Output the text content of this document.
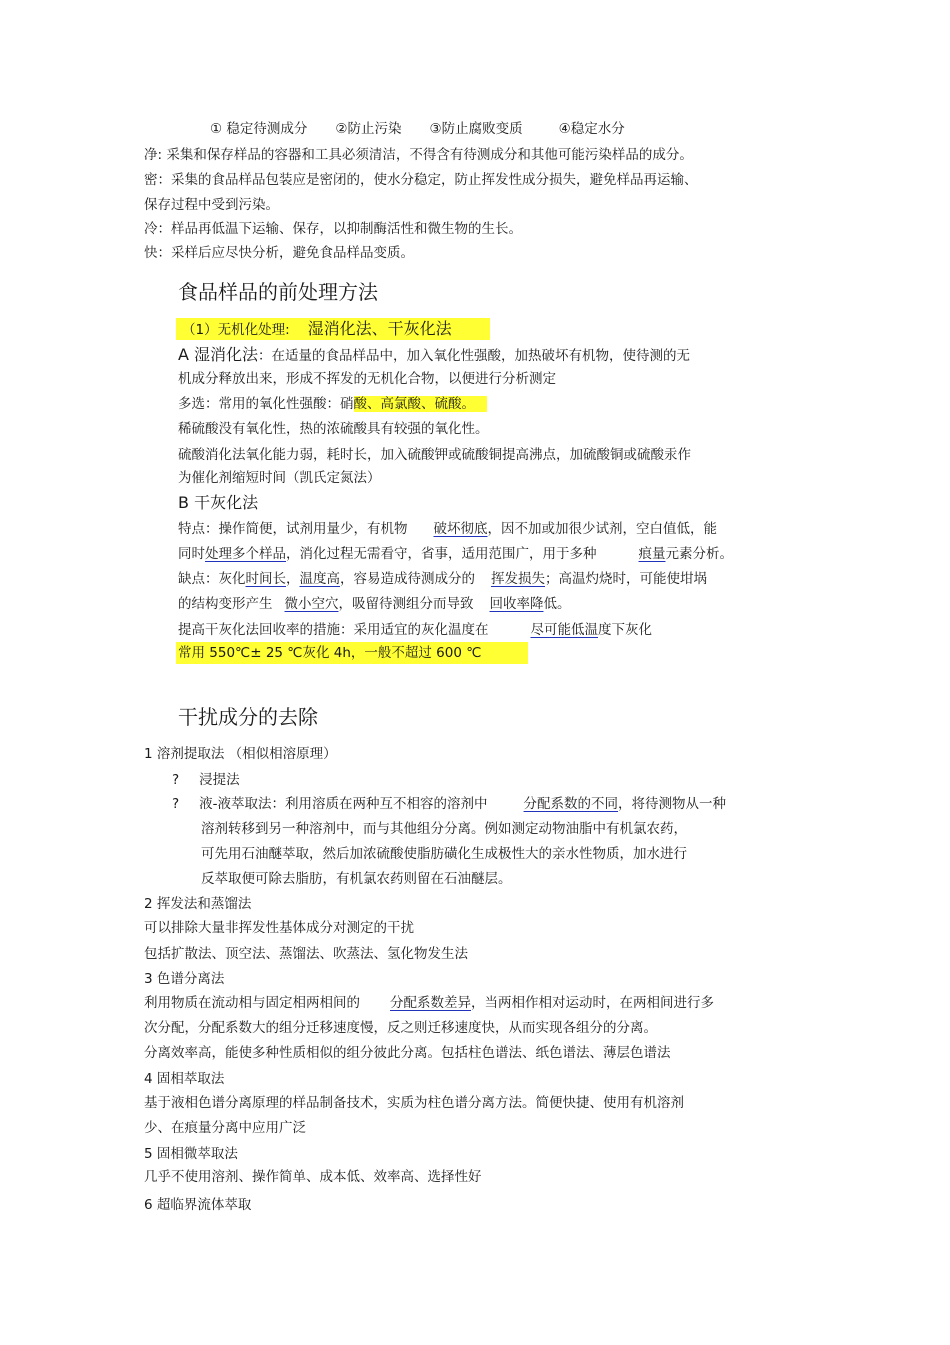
① 稳定待测成分 ②防止污染 ③防止腐败变质	④稳定水分
净: 采集和保存样品的容器和工具必须清洁，不得含有待测成分和其他可能污染样品的成分。
密：采集的食品样品包装应是密闭的，使水分稳定，防止挥发性成分损失，避免样品再运输、
保存过程中受到污染。
冷：样品再低温下运输、保存，以抑制酶活性和微生物的生长。
快：采样后应尽快分析，避免食品样品变质。
食品样品的前处理方法
（1）无机化处理: 湿消化法、干灰化法
A 湿消化法：在适量的食品样品中，加入氧化性强酸，加热破坏有机物，使待测的无
机成分释放出来，形成不挥发的无机化合物，以便进行分析测定
多选：常用的氧化性强酸：硝酸、高氯酸、硫酸。
稀硫酸没有氧化性，热的浓硫酸具有较强的氧化性。
硫酸消化法氧化能力弱，耗时长，加入硫酸钾或硫酸铜提高沸点，加硫酸铜或硫酸汞作
为催化剂缩短时间（凯氏定氮法）
B 干灰化法
特点：操作简便，试剂用量少，有机物 破坏彻底，因不加或加很少试剂，空白值低，能
同时处理多个样品，消化过程无需看守，省事，适用范围广，用于多种	痕量元素分析。
缺点：灰化时间长，温度高，容易造成待测成分的 挥发损失；高温灼烧时，可能使坩埚
的结构变形产生 微小空穴，吸留待测组分而导致 回收率降低。
提高干灰化法回收率的措施：采用适宜的灰化温度在	尽可能低温度下灰化
常用 550℃± 25 ℃灰化 4h，一般不超过 600 ℃
干扰成分的去除
1 溶剂提取法 （相似相溶原理）
? 浸提法
? 液-液萃取法：利用溶质在两种互不相容的溶剂中	分配系数的不同，将待测物从一种
溶剂转移到另一种溶剂中，而与其他组分分离。例如测定动物油脂中有机氯农药，
可先用石油醚萃取，然后加浓硫酸使脂肪磺化生成极性大的亲水性物质，加水进行
反萃取便可除去脂肪，有机氯农药则留在石油醚层。
2 挥发法和蒸馏法
可以排除大量非挥发性基体成分对测定的干扰
包括扩散法、顶空法、蒸馏法、吹蒸法、氢化物发生法
3 色谱分离法
利用物质在流动相与固定相两相间的 分配系数差异，当两相作相对运动时，在两相间进行多
次分配，分配系数大的组分迁移速度慢，反之则迁移速度快，从而实现各组分的分离。
分离效率高，能使多种性质相似的组分彼此分离。包括柱色谱法、纸色谱法、薄层色谱法
4 固相萃取法
基于液相色谱分离原理的样品制备技术，实质为柱色谱分离方法。简便快捷、使用有机溶剂
少、在痕量分离中应用广泛
5 固相微萃取法
几乎不使用溶剂、操作简单、成本低、效率高、选择性好
6 超临界流体萃取
